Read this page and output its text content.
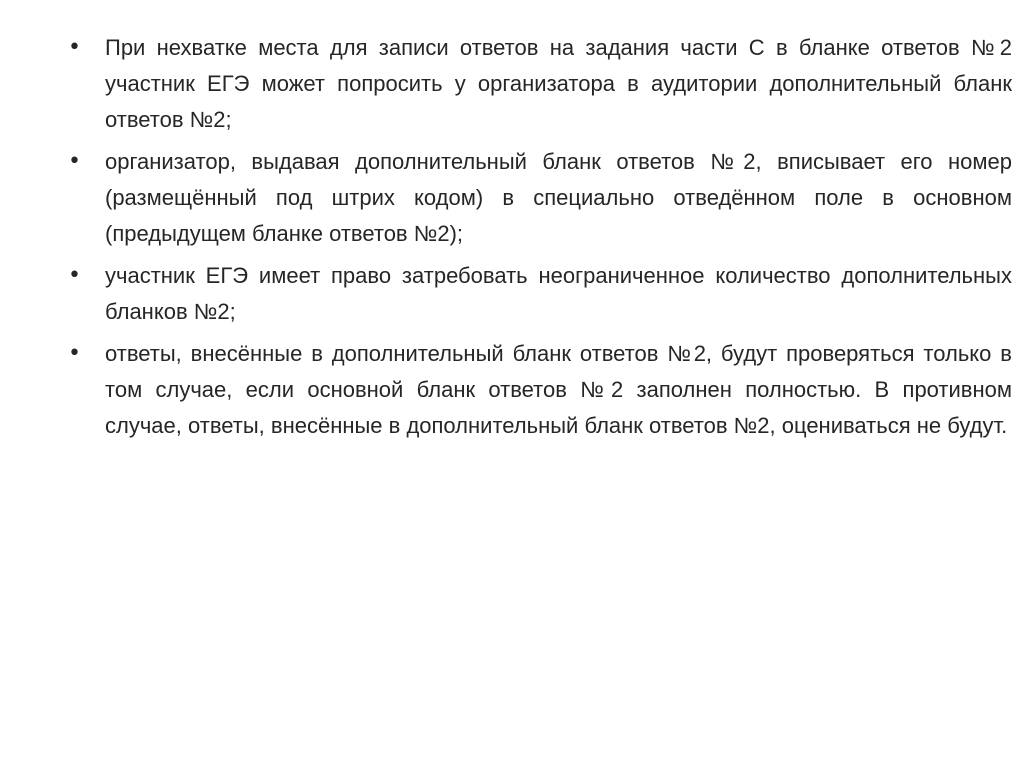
• При нехватке места для записи ответов на задания части С в бланке ответов №2 участник ЕГЭ может попросить у организатора в аудитории дополнительный бланк ответов №2;
• организатор, выдавая дополнительный бланк ответов №2, вписывает его номер (размещённый под штрих кодом) в специально отведённом поле в основном (предыдущем бланке ответов №2);
• участник ЕГЭ имеет право затребовать неограниченное количество дополнительных бланков №2;
• ответы, внесённые в дополнительный бланк ответов №2, будут проверяться только в том случае, если основной бланк ответов №2 заполнен полностью. В противном случае, ответы, внесённые в дополнительный бланк ответов №2, оцениваться не будут.
